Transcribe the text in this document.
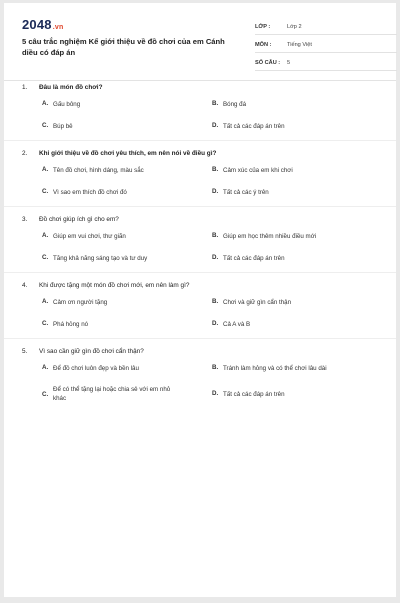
2048.vn
5 câu trắc nghiệm Kể giới thiệu về đồ chơi của em Cánh diều có đáp án
LỚP :	Lớp 2
MÔN :	Tiếng Việt
SỐ CÂU :	5
1.	Đâu là món đồ chơi?
A. Gấu bông	B. Bóng đá
C. Búp bê	D. Tất cả các đáp án trên
2.	Khi giới thiệu về đồ chơi yêu thích, em nên nói về điều gì?
A. Tên đồ chơi, hình dáng, màu sắc	B. Cảm xúc của em khi chơi
C. Vì sao em thích đồ chơi đó	D. Tất cả các ý trên
3.	Đồ chơi giúp ích gì cho em?
A. Giúp em vui chơi, thư giãn	B. Giúp em học thêm nhiều điều mới
C. Tăng khả năng sáng tạo và tư duy	D. Tất cả các đáp án trên
4.	Khi được tặng một món đồ chơi mới, em nên làm gì?
A. Cảm ơn người tặng	B. Chơi và giữ gìn cẩn thận
C. Phá hỏng nó	D. Cả A và B
5.	Vì sao cần giữ gìn đồ chơi cẩn thận?
A. Để đồ chơi luôn đẹp và bền lâu	B. Tránh làm hỏng và có thể chơi lâu dài
C.
Để có thể tặng lại hoặc chia sẻ với em nhỏ khác
D. Tất cả các đáp án trên
